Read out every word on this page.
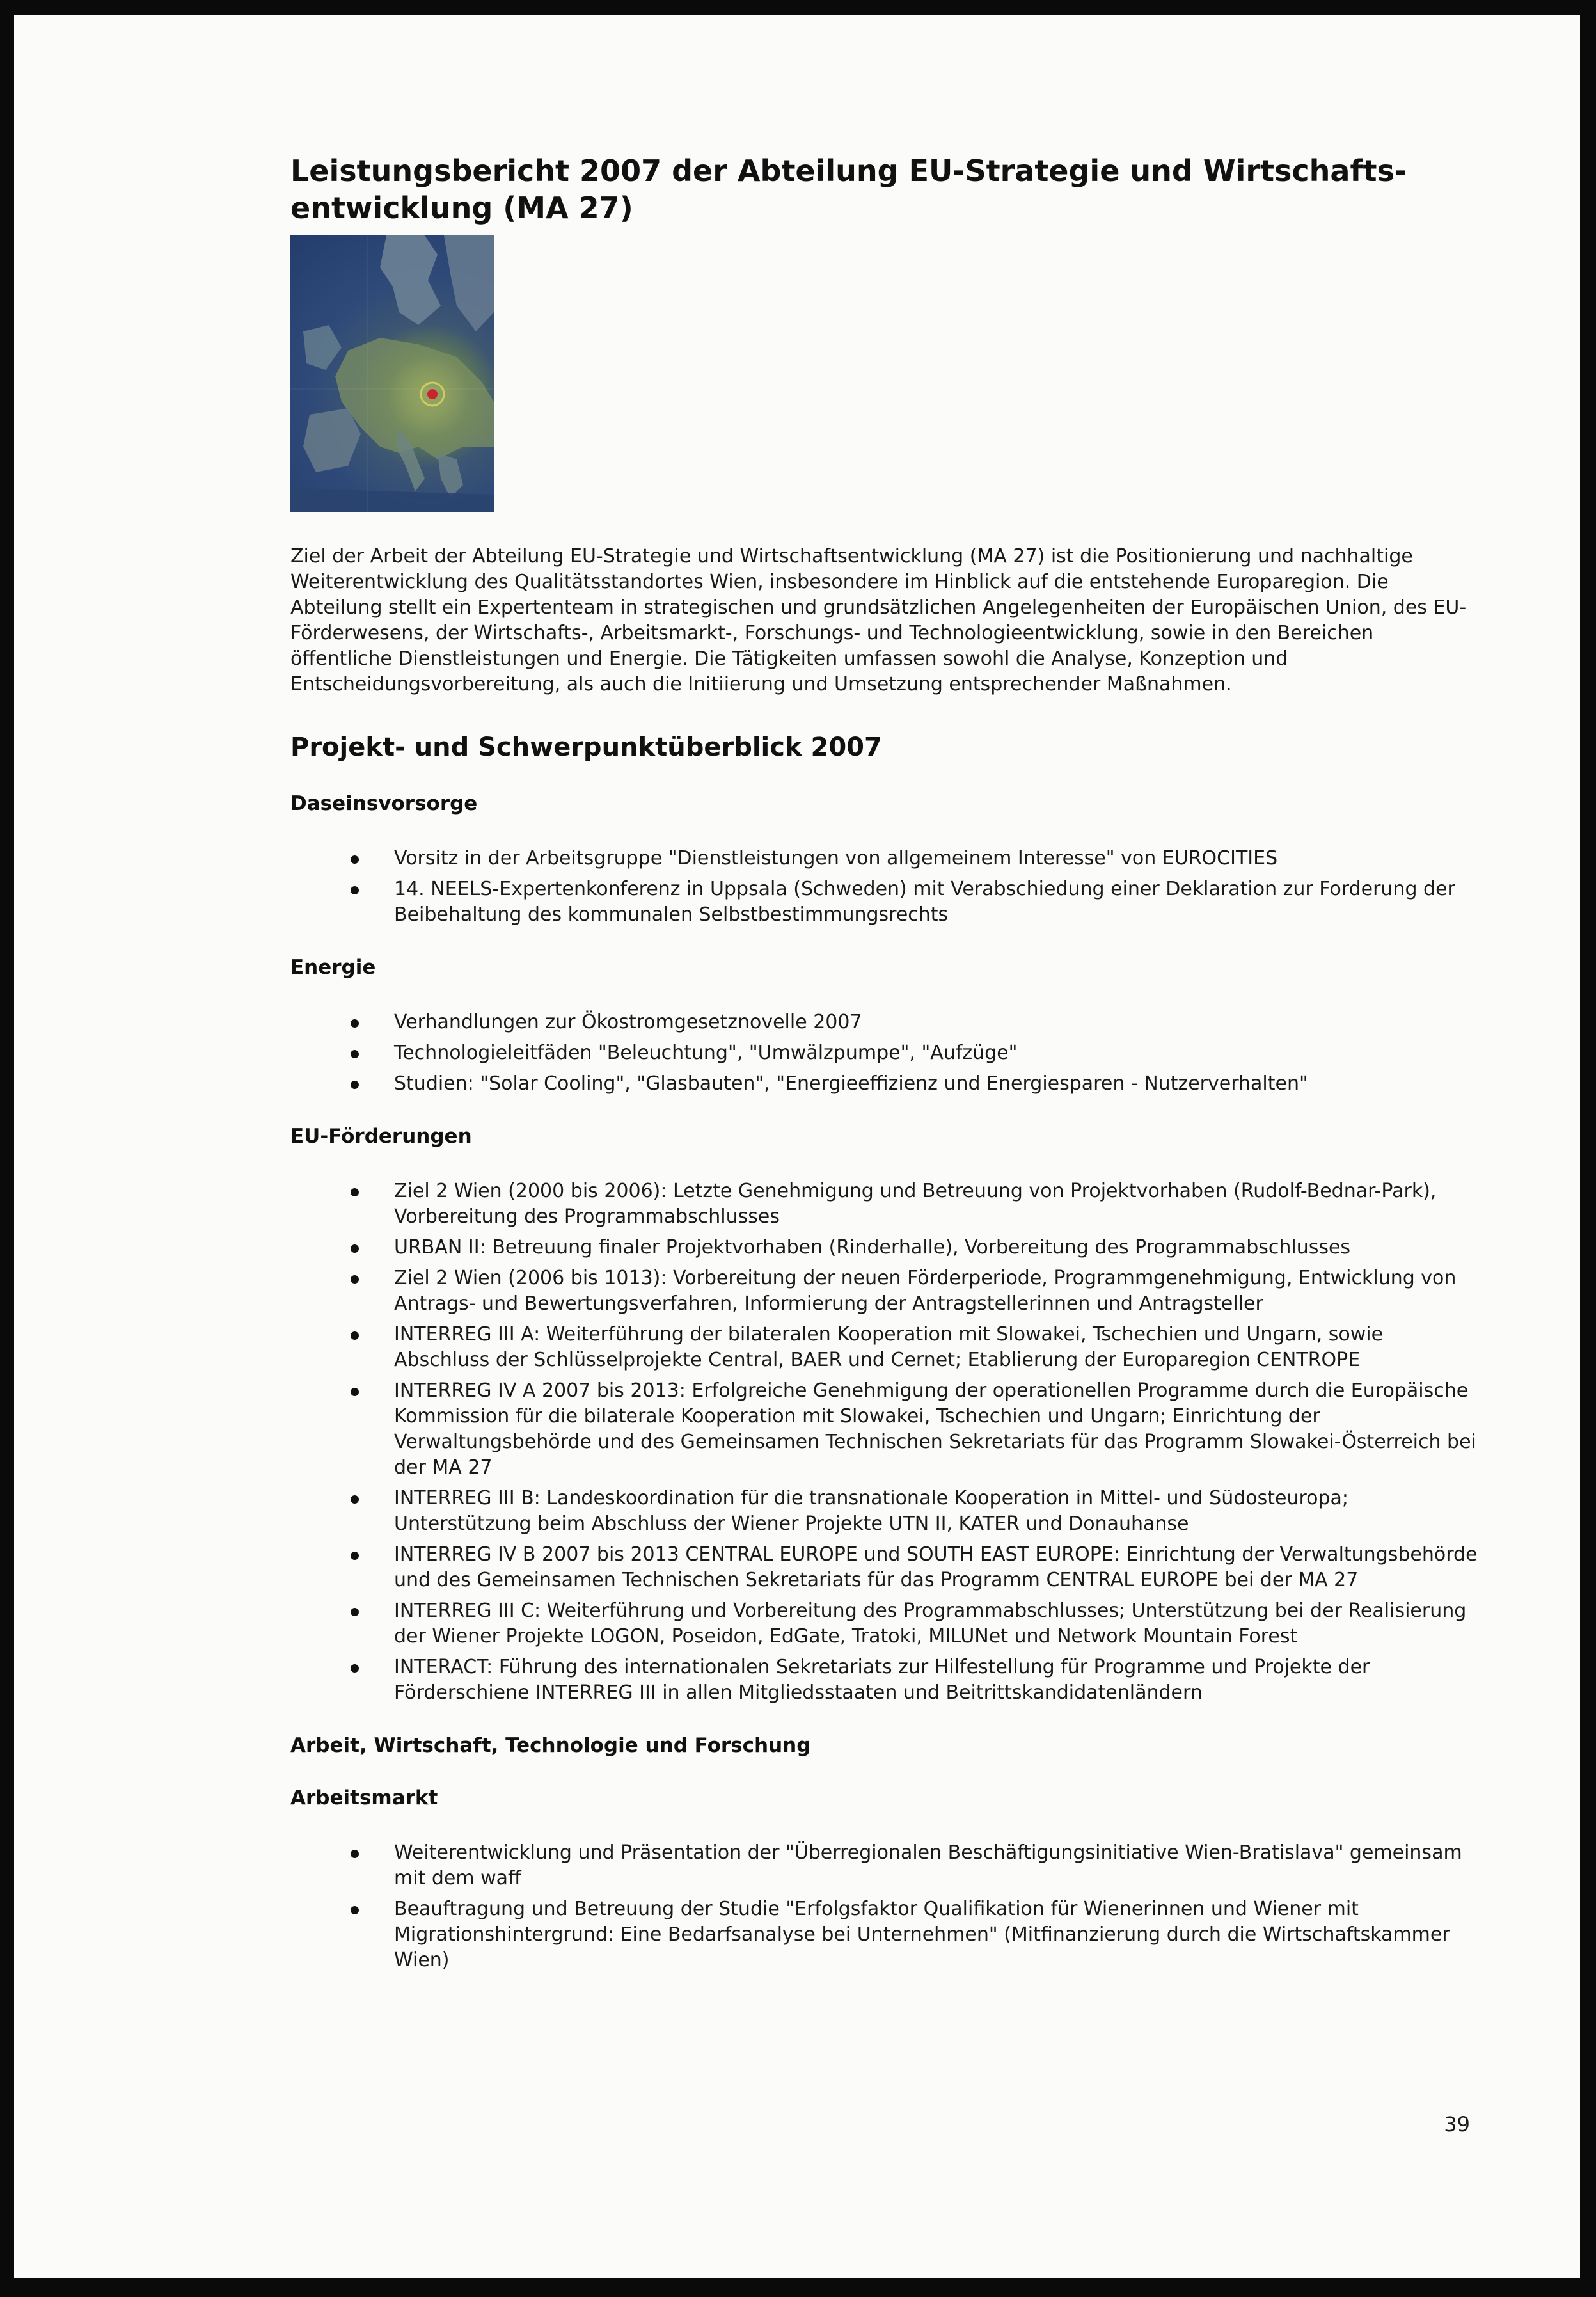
Leistungsbericht 2007 der Abteilung EU-Strategie und Wirtschafts-
entwicklung (MA 27)

Ziel der Arbeit der Abteilung EU-Strategie und Wirtschaftsentwicklung (MA 27) ist die Positionierung und nachhaltige Weiterentwicklung des Qualitätsstandortes Wien, insbesondere im Hinblick auf die entstehende Europaregion. Die Abteilung stellt ein Expertenteam in strategischen und grundsätzlichen Angelegenheiten der Europäischen Union, des EU-Förderwesens, der Wirtschafts-, Arbeitsmarkt-, Forschungs- und Technologieentwicklung, sowie in den Bereichen öffentliche Dienstleistungen und Energie. Die Tätigkeiten umfassen sowohl die Analyse, Konzeption und Entscheidungsvorbereitung, als auch die Initiierung und Umsetzung entsprechender Maßnahmen.

Projekt- und Schwerpunktüberblick 2007
Daseinsvorsorge
Vorsitz in der Arbeitsgruppe "Dienstleistungen von allgemeinem Interesse" von EUROCITIES
14. NEELS-Expertenkonferenz in Uppsala (Schweden) mit Verabschiedung einer Deklaration zur Forderung der Beibehaltung des kommunalen Selbstbestimmungsrechts
Energie
Verhandlungen zur Ökostromgesetznovelle 2007
Technologieleitfäden "Beleuchtung", "Umwälzpumpe", "Aufzüge"
Studien: "Solar Cooling", "Glasbauten", "Energieeffizienz und Energiesparen - Nutzerverhalten"
EU-Förderungen
Ziel 2 Wien (2000 bis 2006): Letzte Genehmigung und Betreuung von Projektvorhaben (Rudolf-Bednar-Park), Vorbereitung des Programmabschlusses
URBAN II: Betreuung finaler Projektvorhaben (Rinderhalle), Vorbereitung des Programmabschlusses
Ziel 2 Wien (2006 bis 1013): Vorbereitung der neuen Förderperiode, Programmgenehmigung, Entwicklung von Antrags- und Bewertungsverfahren, Informierung der Antragstellerinnen und Antragsteller
INTERREG III A: Weiterführung der bilateralen Kooperation mit Slowakei, Tschechien und Ungarn, sowie Abschluss der Schlüsselprojekte Central, BAER und Cernet; Etablierung der Europaregion CENTROPE
INTERREG IV A 2007 bis 2013: Erfolgreiche Genehmigung der operationellen Programme durch die Europäische Kommission für die bilaterale Kooperation mit Slowakei, Tschechien und Ungarn; Einrichtung der Verwaltungsbehörde und des Gemeinsamen Technischen Sekretariats für das Programm Slowakei-Österreich bei der MA 27
INTERREG III B: Landeskoordination für die transnationale Kooperation in Mittel- und Südosteuropa; Unterstützung beim Abschluss der Wiener Projekte UTN II, KATER und Donauhanse
INTERREG IV B 2007 bis 2013 CENTRAL EUROPE und SOUTH EAST EUROPE: Einrichtung der Verwaltungsbehörde und des Gemeinsamen Technischen Sekretariats für das Programm CENTRAL EUROPE bei der MA 27
INTERREG III C: Weiterführung und Vorbereitung des Programmabschlusses; Unterstützung bei der Realisierung der Wiener Projekte LOGON, Poseidon, EdGate, Tratoki, MILUNet und Network Mountain Forest
INTERACT: Führung des internationalen Sekretariats zur Hilfestellung für Programme und Projekte der Förderschiene INTERREG III in allen Mitgliedsstaaten und Beitrittskandidatenländern
Arbeit, Wirtschaft, Technologie und Forschung
Arbeitsmarkt
Weiterentwicklung und Präsentation der "Überregionalen Beschäftigungsinitiative Wien-Bratislava" gemeinsam mit dem waff
Beauftragung und Betreuung der Studie "Erfolgsfaktor Qualifikation für Wienerinnen und Wiener mit Migrationshintergrund: Eine Bedarfsanalyse bei Unternehmen" (Mitfinanzierung durch die Wirtschaftskammer Wien)
39
